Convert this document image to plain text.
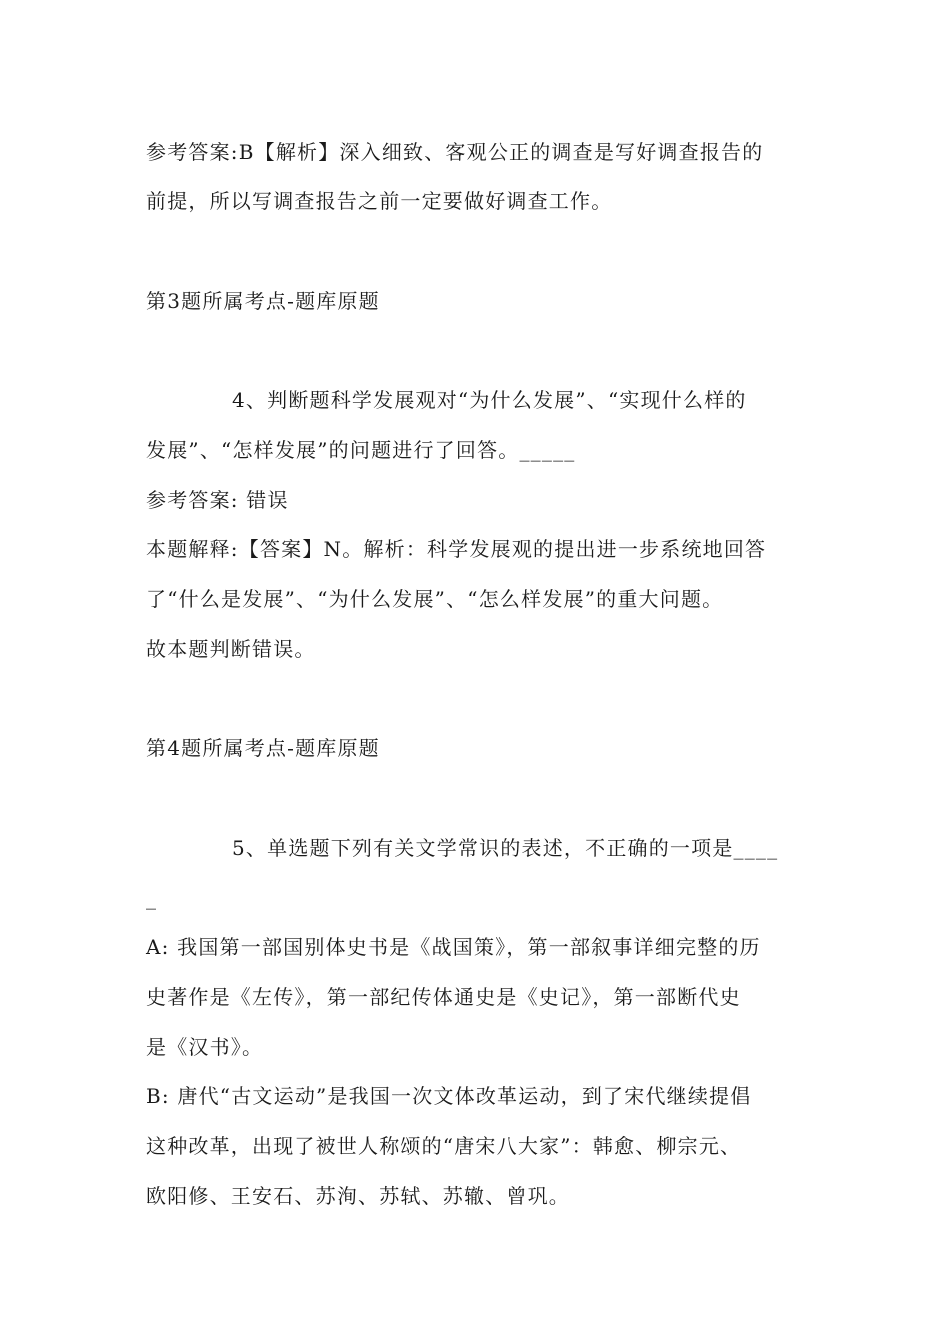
参考答案:B【解析】深入细致、客观公正的调查是写好调查报告的
前提，所以写调查报告之前一定要做好调查工作。
第3题所属考点-题库原题
4、判断题科学发展观对“为什么发展”、“实现什么样的
发展”、“怎样发展”的问题进行了回答。_____
参考答案: 错误
本题解释:【答案】N。解析：科学发展观的提出进一步系统地回答
了“什么是发展”、“为什么发展”、“怎么样发展”的重大问题。
故本题判断错误。
第4题所属考点-题库原题
5、单选题下列有关文学常识的表述，不正确的一项是____
_
A: 我国第一部国别体史书是《战国策》，第一部叙事详细完整的历
史著作是《左传》，第一部纪传体通史是《史记》，第一部断代史
是《汉书》。
B: 唐代“古文运动”是我国一次文体改革运动，到了宋代继续提倡
这种改革，出现了被世人称颂的“唐宋八大家”：韩愈、柳宗元、
欧阳修、王安石、苏洵、苏轼、苏辙、曾巩。
